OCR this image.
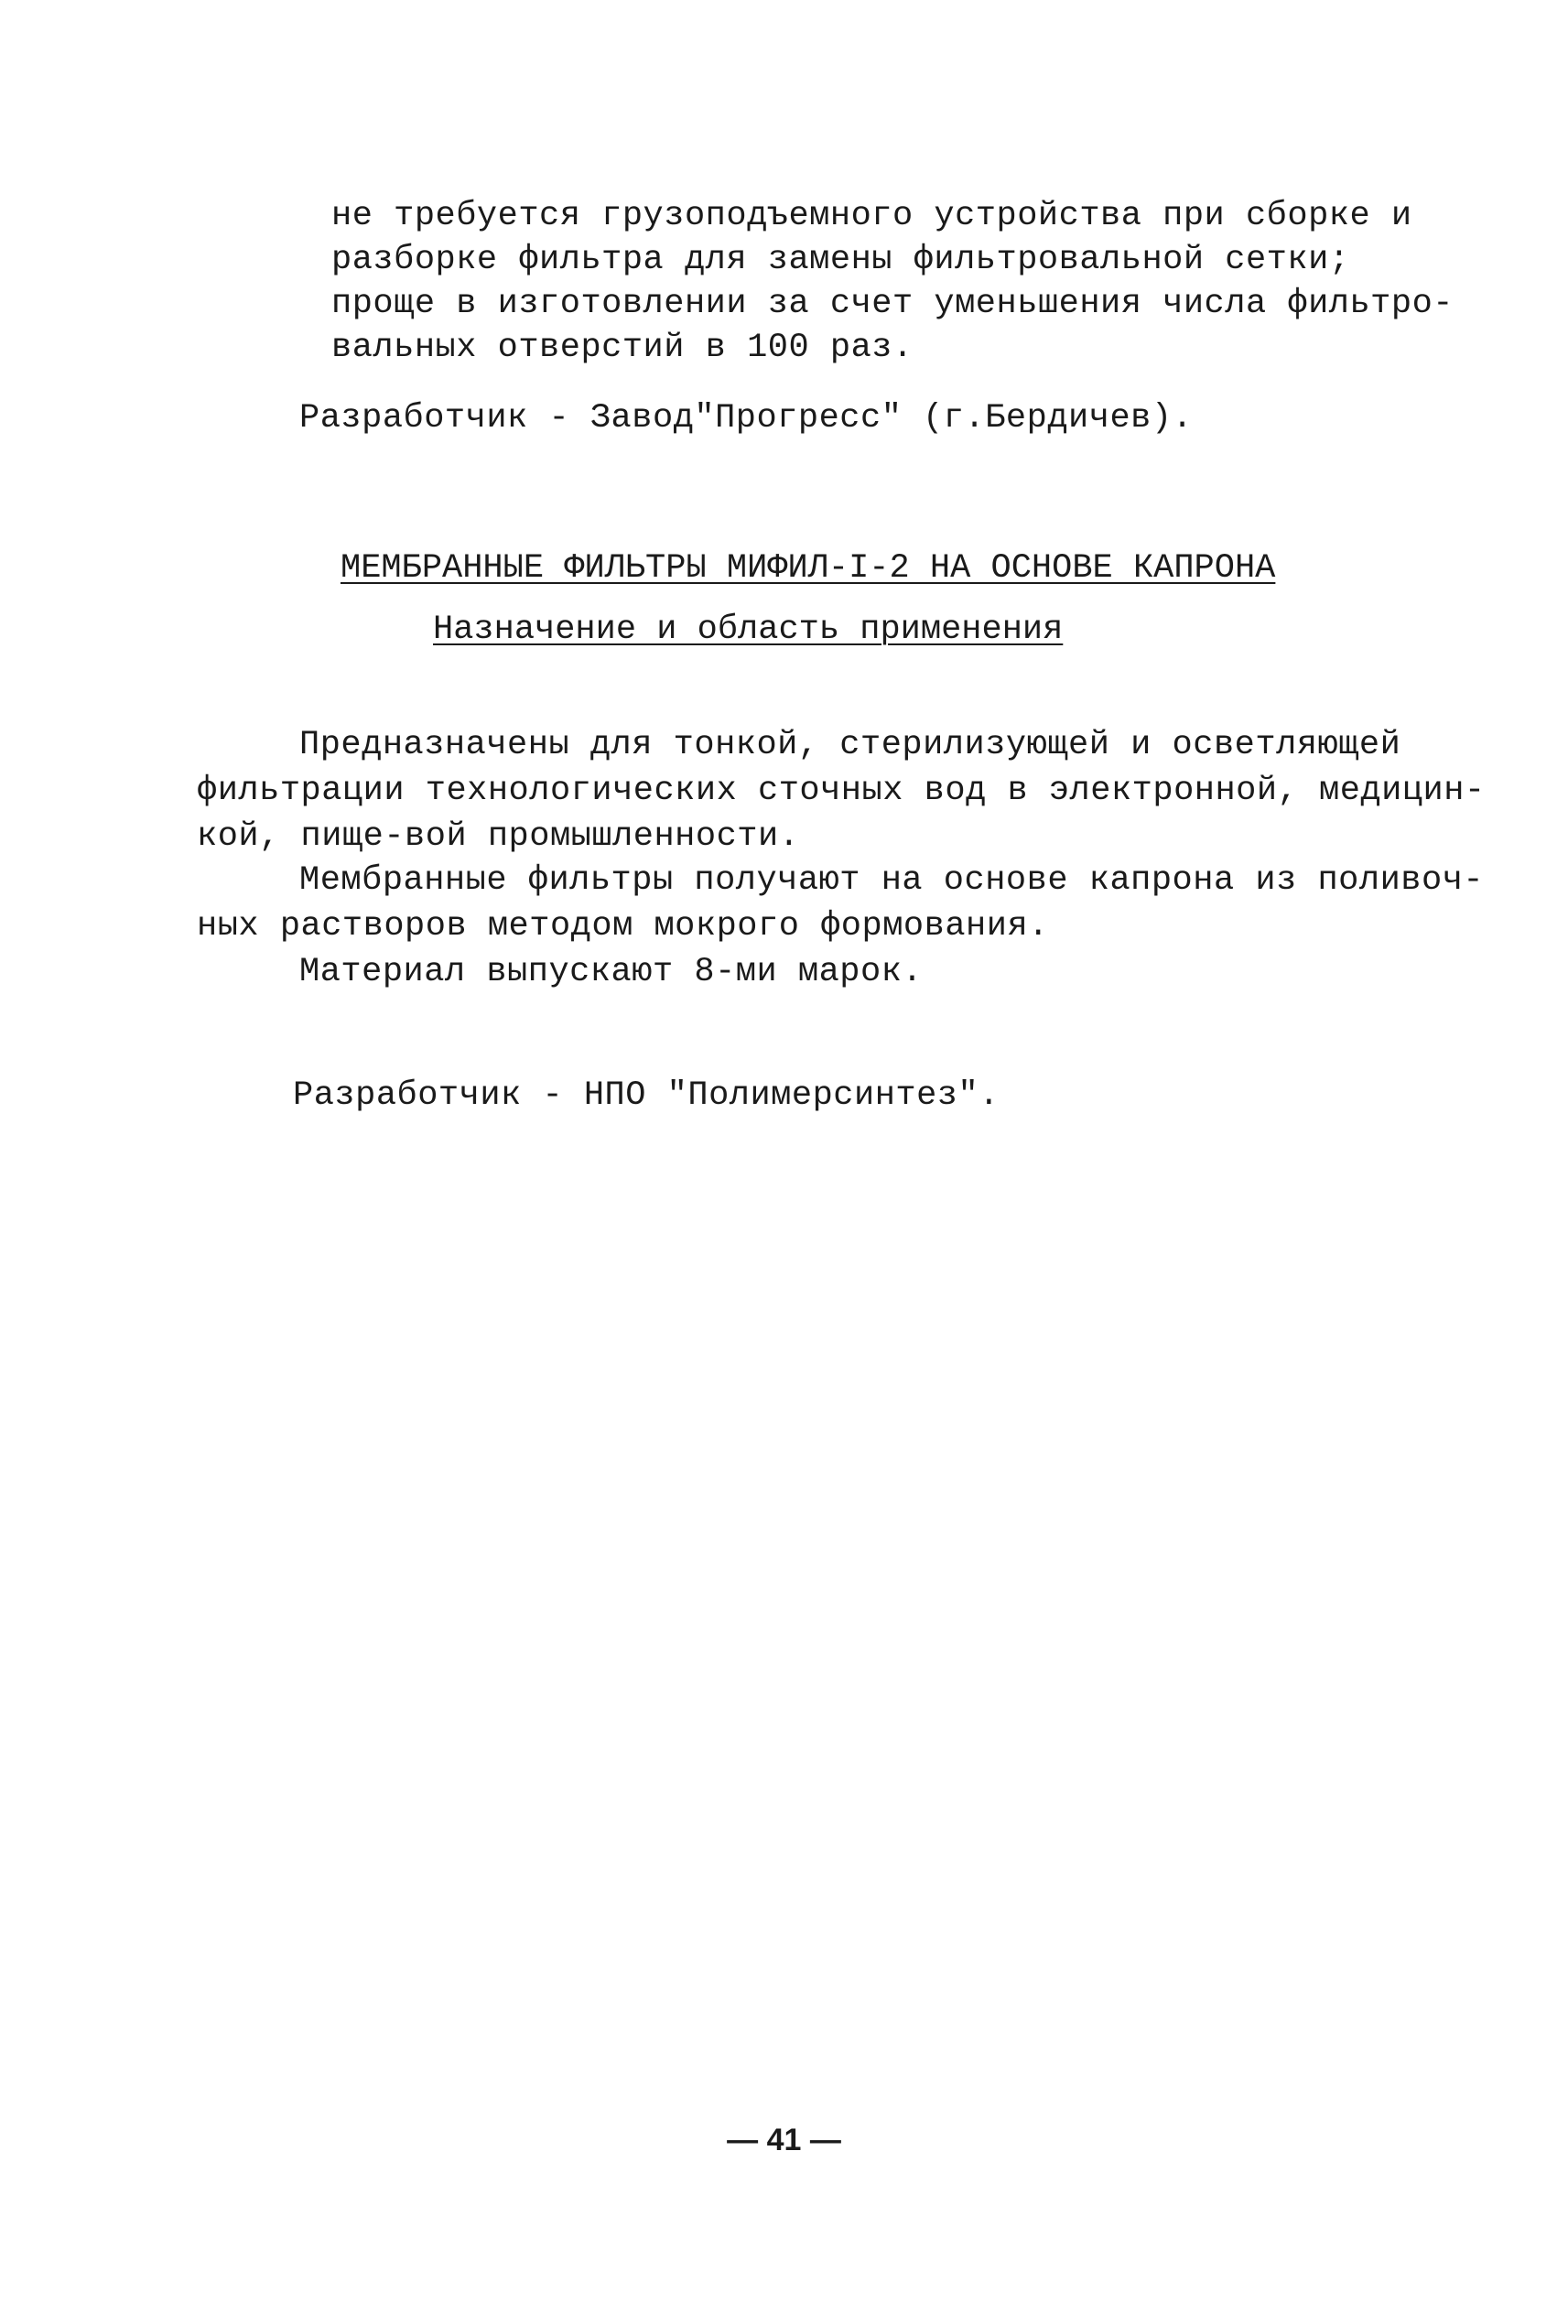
не требуется грузоподъемного устройства при сборке и
разборке фильтра для замены фильтровальной сетки;
проще в изготовлении за счет уменьшения числа фильтро-
вальных отверстий в 100 раз.
Разработчик - Завод"Прогресс" (г.Бердичев).
МЕМБРАННЫЕ ФИЛЬТРЫ МИФИЛ-I-2 НА ОСНОВЕ КАПРОНА
Назначение и область применения
Предназначены для тонкой, стерилизующей и осветляющей
фильтрации технологических сточных вод в электронной, медицин-
кой, пище-вой промышленности.
Мембранные фильтры получают на основе капрона из поливоч-
ных растворов методом мокрого формования.
Материал выпускают 8-ми марок.
Разработчик - НПО "Полимерсинтез".
— 41 —
